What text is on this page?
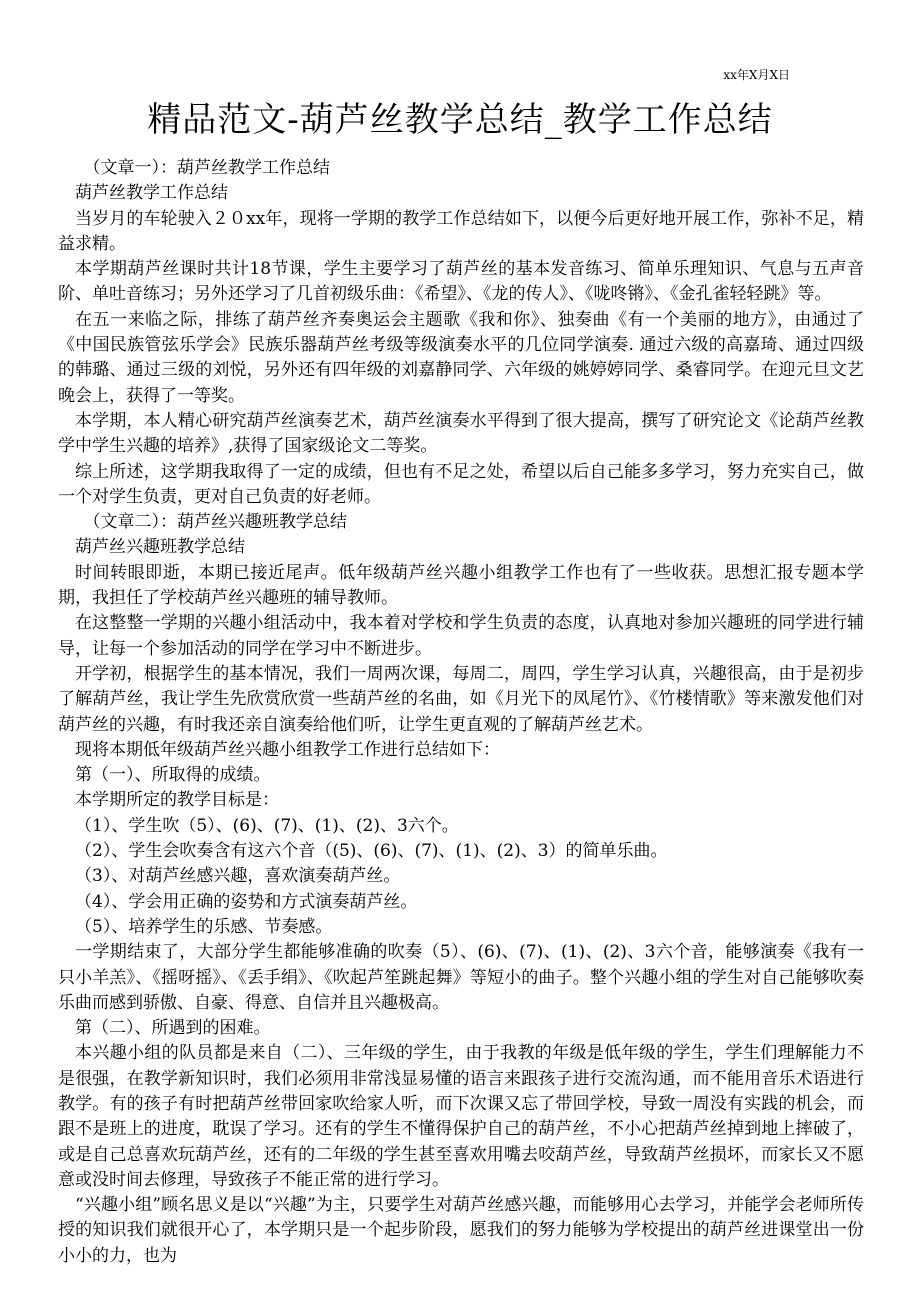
xx年X月X日
精品范文-葫芦丝教学总结_教学工作总结

（文章一）：葫芦丝教学工作总结

葫芦丝教学工作总结

当岁月的车轮驶入２０xx年，现将一学期的教学工作总结如下，以便今后更好地开展工作，弥补不足，精益求精。

本学期葫芦丝课时共计18节课，学生主要学习了葫芦丝的基本发音练习、简单乐理知识、气息与五声音阶、单吐音练习；另外还学习了几首初级乐曲：《希望》、《龙的传人》、《咙咚锵》、《金孔雀轻轻跳》等。

在五一来临之际，排练了葫芦丝齐奏奥运会主题歌《我和你》、独奏曲《有一个美丽的地方》，由通过了《中国民族管弦乐学会》民族乐器葫芦丝考级等级演奏水平的几位同学演奏. 通过六级的高嘉琦、通过四级的韩璐、通过三级的刘悦，另外还有四年级的刘嘉静同学、六年级的姚婷婷同学、桑睿同学。在迎元旦文艺晚会上，获得了一等奖。

本学期，本人精心研究葫芦丝演奏艺术，葫芦丝演奏水平得到了很大提高，撰写了研究论文《论葫芦丝教学中学生兴趣的培养》,获得了国家级论文二等奖。

综上所述，这学期我取得了一定的成绩，但也有不足之处，希望以后自己能多多学习，努力充实自己，做一个对学生负责，更对自己负责的好老师。

（文章二）：葫芦丝兴趣班教学总结

葫芦丝兴趣班教学总结

时间转眼即逝，本期已接近尾声。低年级葫芦丝兴趣小组教学工作也有了一些收获。思想汇报专题本学期，我担任了学校葫芦丝兴趣班的辅导教师。

在这整整一学期的兴趣小组活动中，我本着对学校和学生负责的态度，认真地对参加兴趣班的同学进行辅导，让每一个参加活动的同学在学习中不断进步。

开学初，根据学生的基本情况，我们一周两次课，每周二，周四，学生学习认真，兴趣很高，由于是初步了解葫芦丝，我让学生先欣赏欣赏一些葫芦丝的名曲，如《月光下的凤尾竹》、《竹楼情歌》等来激发他们对葫芦丝的兴趣，有时我还亲自演奏给他们听，让学生更直观的了解葫芦丝艺术。

现将本期低年级葫芦丝兴趣小组教学工作进行总结如下：

第（一）、所取得的成绩。

本学期所定的教学目标是：

（1）、学生吹（5）、(6)、(7)、(1)、(2)、3六个。

（2）、学生会吹奏含有这六个音（(5)、(6)、(7)、(1)、(2)、3）的简单乐曲。

（3）、对葫芦丝感兴趣，喜欢演奏葫芦丝。

（4）、学会用正确的姿势和方式演奏葫芦丝。

（5）、培养学生的乐感、节奏感。

一学期结束了，大部分学生都能够准确的吹奏（5）、(6)、(7)、(1)、(2)、3六个音，能够演奏《我有一只小羊羔》、《摇呀摇》、《丢手绢》、《吹起芦笙跳起舞》等短小的曲子。整个兴趣小组的学生对自己能够吹奏乐曲而感到骄傲、自豪、得意、自信并且兴趣极高。

第（二）、所遇到的困难。

本兴趣小组的队员都是来自（二）、三年级的学生，由于我教的年级是低年级的学生，学生们理解能力不是很强，在教学新知识时，我们必须用非常浅显易懂的语言来跟孩子进行交流沟通，而不能用音乐术语进行教学。有的孩子有时把葫芦丝带回家吹给家人听，而下次课又忘了带回学校，导致一周没有实践的机会，而跟不是班上的进度，耽误了学习。还有的学生不懂得保护自己的葫芦丝，不小心把葫芦丝掉到地上摔破了，或是自己总喜欢玩葫芦丝，还有的二年级的学生甚至喜欢用嘴去咬葫芦丝，导致葫芦丝损坏，而家长又不愿意或没时间去修理，导致孩子不能正常的进行学习。

“兴趣小组”顾名思义是以“兴趣”为主，只要学生对葫芦丝感兴趣，而能够用心去学习，并能学会老师所传授的知识我们就很开心了，本学期只是一个起步阶段，愿我们的努力能够为学校提出的葫芦丝进课堂出一份小小的力，也为
